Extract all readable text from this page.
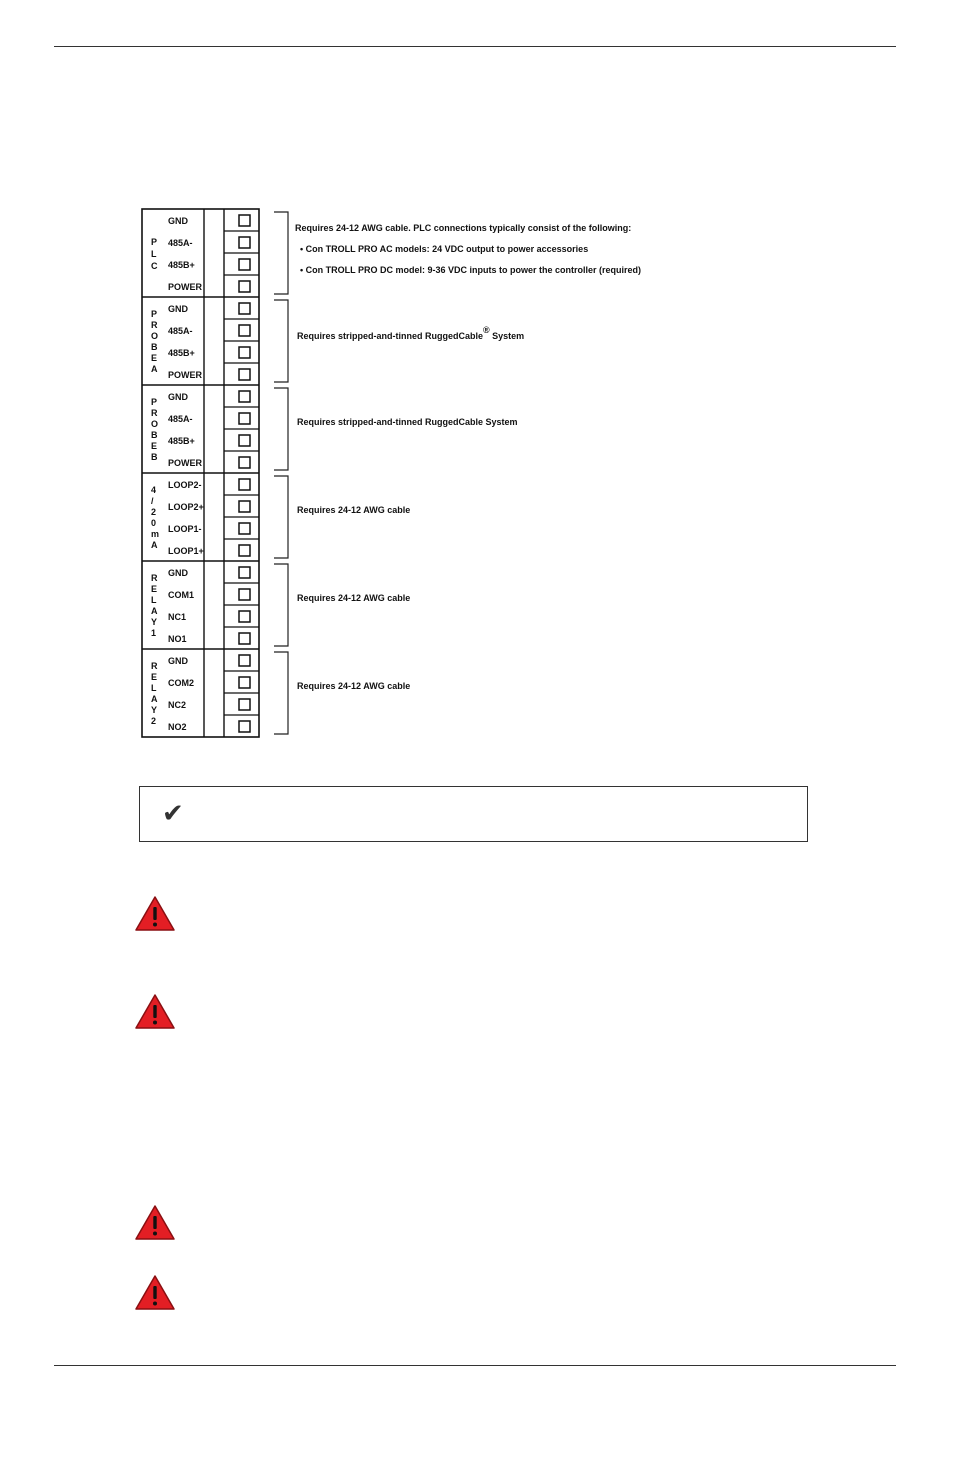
P
L
C
GND
485A-
485B+
POWER
Requires 24-12 AWG cable. PLC connections typically consist of the following:
• Con TROLL PRO AC models: 24 VDC output to power accessories
• Con TROLL PRO DC model: 9-36 VDC inputs to power the controller (required)
P
R
O
B
E
A
GND
485A-
485B+
POWER
Requires stripped-and-tinned RuggedCable® System
P
R
O
B
E
B
GND
485A-
485B+
POWER
Requires stripped-and-tinned RuggedCable System
4
/
2
0
m
A
LOOP2-
LOOP2+
LOOP1-
LOOP1+
Requires 24-12 AWG cable
R
E
L
A
Y
1
GND
COM1
NC1
NO1
Requires 24-12 AWG cable
R
E
L
A
Y
2
GND
COM2
NC2
NO2
Requires 24-12 AWG cable
✔
